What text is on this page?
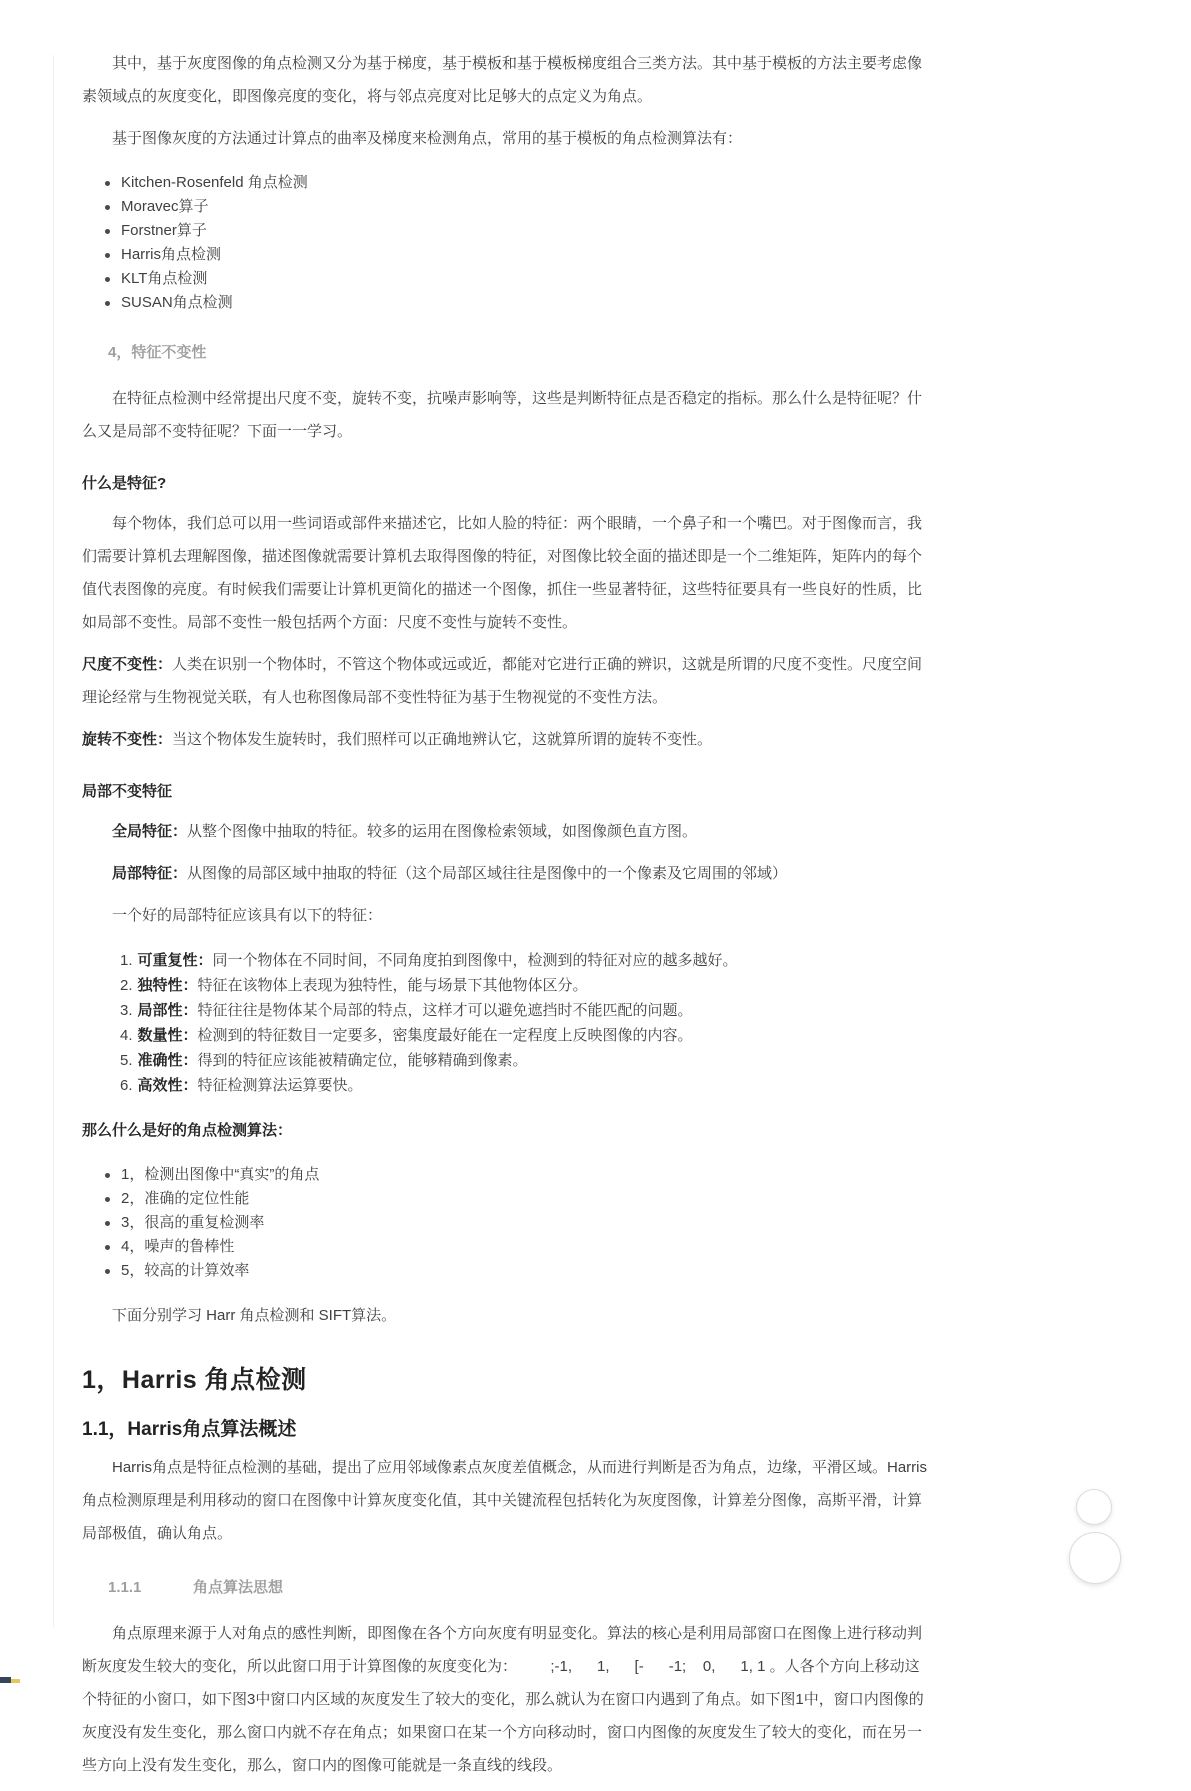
其中，基于灰度图像的角点检测又分为基于梯度，基于模板和基于模板梯度组合三类方法。其中基于模板的方法主要考虑像素领域点的灰度变化，即图像亮度的变化，将与邻点亮度对比足够大的点定义为角点。

基于图像灰度的方法通过计算点的曲率及梯度来检测角点，常用的基于模板的角点检测算法有：

Kitchen-Rosenfeld 角点检测
Moravec算子
Forstner算子
Harris角点检测
KLT角点检测
SUSAN角点检测
4，特征不变性

在特征点检测中经常提出尺度不变，旋转不变，抗噪声影响等，这些是判断特征点是否稳定的指标。那么什么是特征呢？什么又是局部不变特征呢？下面一一学习。

什么是特征?

每个物体，我们总可以用一些词语或部件来描述它，比如人脸的特征：两个眼睛，一个鼻子和一个嘴巴。对于图像而言，我们需要计算机去理解图像，描述图像就需要计算机去取得图像的特征，对图像比较全面的描述即是一个二维矩阵，矩阵内的每个值代表图像的亮度。有时候我们需要让计算机更简化的描述一个图像，抓住一些显著特征，这些特征要具有一些良好的性质，比如局部不变性。局部不变性一般包括两个方面：尺度不变性与旋转不变性。

尺度不变性：人类在识别一个物体时，不管这个物体或远或近，都能对它进行正确的辨识，这就是所谓的尺度不变性。尺度空间理论经常与生物视觉关联，有人也称图像局部不变性特征为基于生物视觉的不变性方法。

旋转不变性：当这个物体发生旋转时，我们照样可以正确地辨认它，这就算所谓的旋转不变性。

局部不变特征

全局特征：从整个图像中抽取的特征。较多的运用在图像检索领域，如图像颜色直方图。

局部特征：从图像的局部区域中抽取的特征（这个局部区域往往是图像中的一个像素及它周围的邻域）

一个好的局部特征应该具有以下的特征：

1. 可重复性：同一个物体在不同时间，不同角度拍到图像中，检测到的特征对应的越多越好。
2. 独特性：特征在该物体上表现为独特性，能与场景下其他物体区分。
3. 局部性：特征往往是物体某个局部的特点，这样才可以避免遮挡时不能匹配的问题。
4. 数量性：检测到的特征数目一定要多，密集度最好能在一定程度上反映图像的内容。
5. 准确性：得到的特征应该能被精确定位，能够精确到像素。
6. 高效性：特征检测算法运算要快。

那么什么是好的角点检测算法：

1，检测出图像中“真实”的角点
2，准确的定位性能
3，很高的重复检测率
4，噪声的鲁棒性
5，较高的计算效率

下面分别学习 Harr 角点检测和 SIFT算法。

1，Harris 角点检测
1.1，Harris角点算法概述

Harris角点是特征点检测的基础，提出了应用邻域像素点灰度差值概念，从而进行判断是否为角点，边缘，平滑区域。Harris角点检测原理是利用移动的窗口在图像中计算灰度变化值，其中关键流程包括转化为灰度图像，计算差分图像，高斯平滑，计算局部极值，确认角点。

1.1.1	角点算法思想

角点原理来源于人对角点的感性判断，即图像在各个方向灰度有明显变化。算法的核心是利用局部窗口在图像上进行移动判断灰度发生较大的变化，所以此窗口用于计算图像的灰度变化为：        ;-1,      1,      [-      -1;    0,      1, 1 。人各个方向上移动这个特征的小窗口，如下图3中窗口内区域的灰度发生了较大的变化，那么就认为在窗口内遇到了角点。如下图1中，窗口内图像的灰度没有发生变化，那么窗口内就不存在角点；如果窗口在某一个方向移动时，窗口内图像的灰度发生了较大的变化，而在另一些方向上没有发生变化，那么，窗口内的图像可能就是一条直线的线段。
